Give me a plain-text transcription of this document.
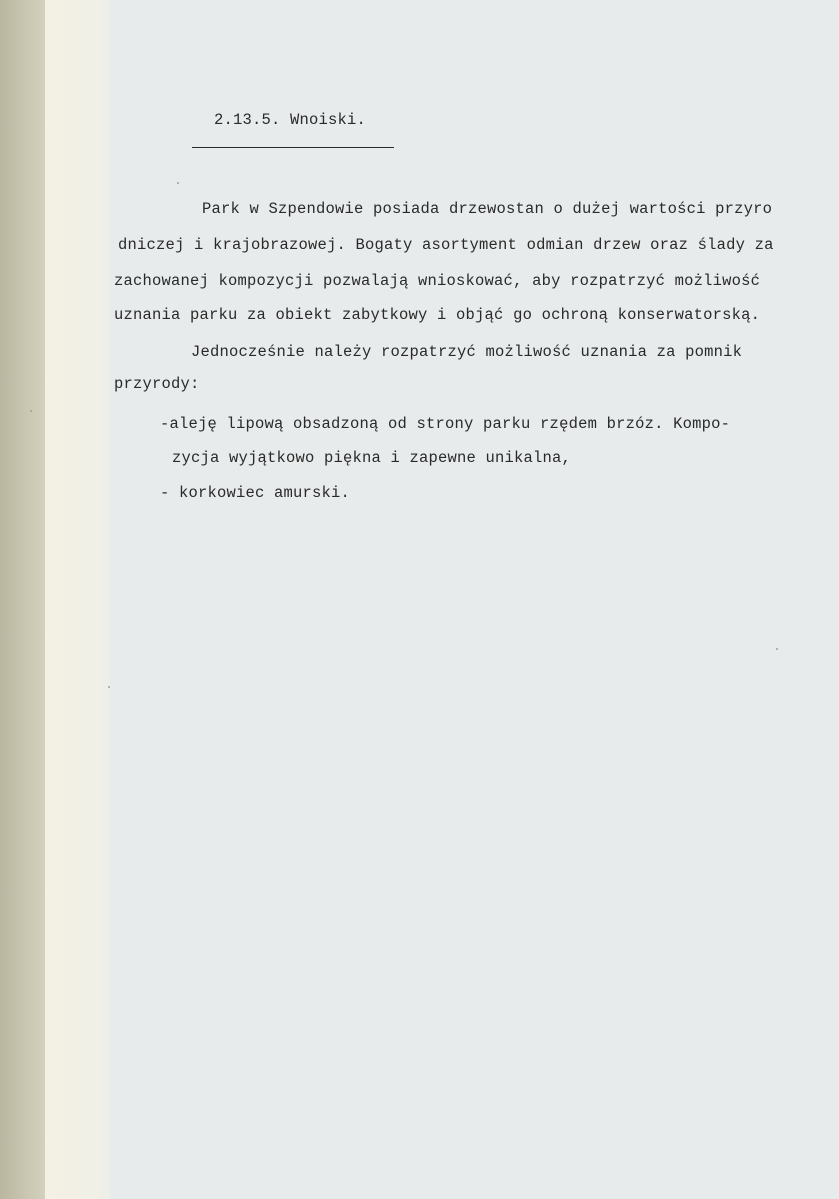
2.13.5. Wnoiski.
Park w Szpendowie posiada drzewostan o dużej wartości przyro
dniczej i krajobrazowej. Bogaty asortyment odmian drzew oraz ślady za
zachowanej kompozycji pozwalają wnioskować, aby rozpatrzyć możliwość
uznania parku za obiekt zabytkowy i objąć go ochroną konserwatorską.
Jednocześnie należy rozpatrzyć możliwość uznania za pomnik
przyrody:
-aleję lipową obsadzoną od strony parku rzędem brzóz. Kompo-
zycja wyjątkowo piękna i zapewne unikalna,
- korkowiec amurski.
